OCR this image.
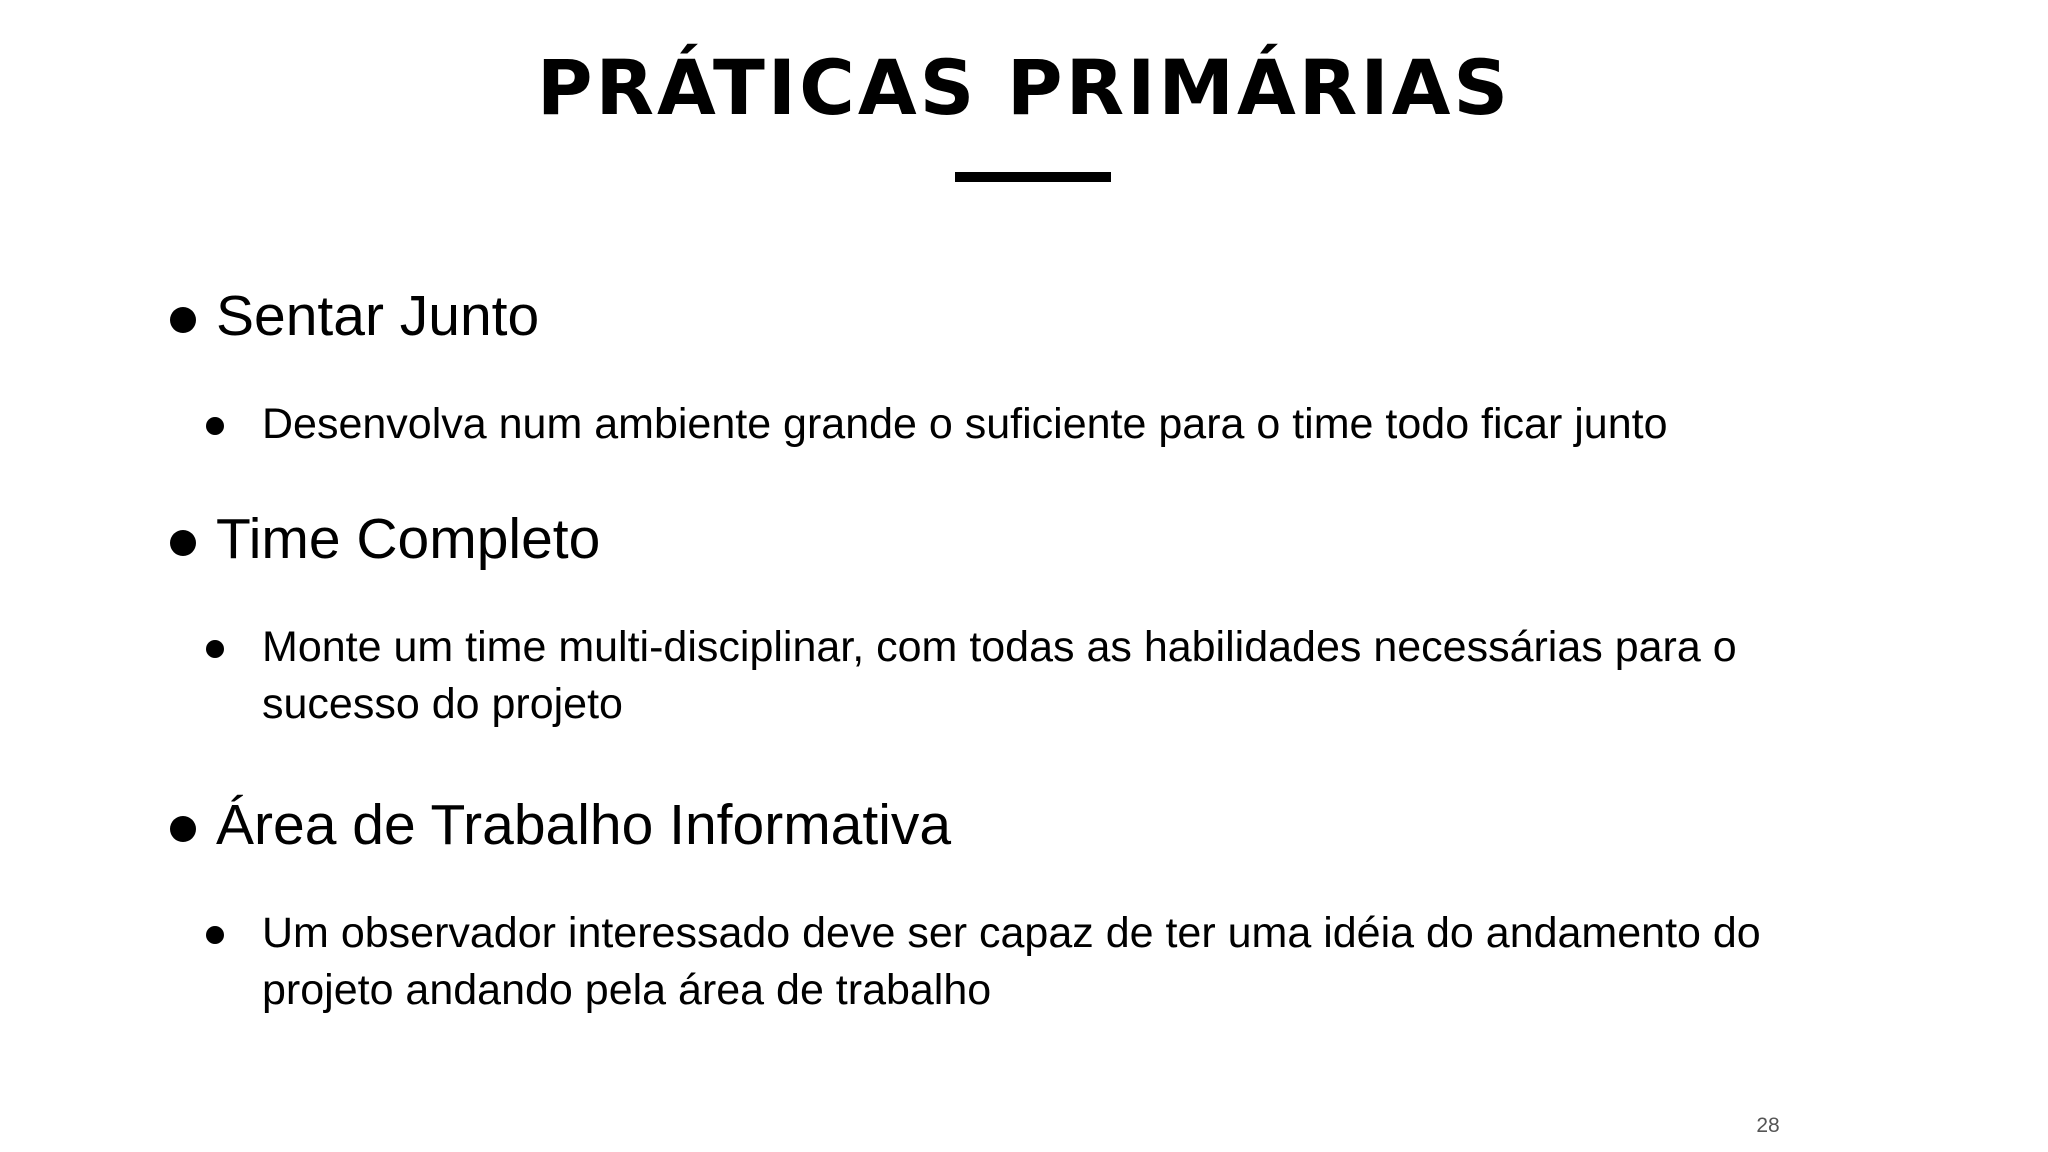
PRÁTICAS PRIMÁRIAS

Sentar Junto

Desenvolva num ambiente grande o suficiente para o time todo ficar junto

Time Completo

Monte um time multi-disciplinar, com todas as habilidades necessárias para o sucesso do projeto

Área de Trabalho Informativa

Um observador interessado deve ser capaz de ter uma idéia do andamento do projeto andando pela área de trabalho

28
